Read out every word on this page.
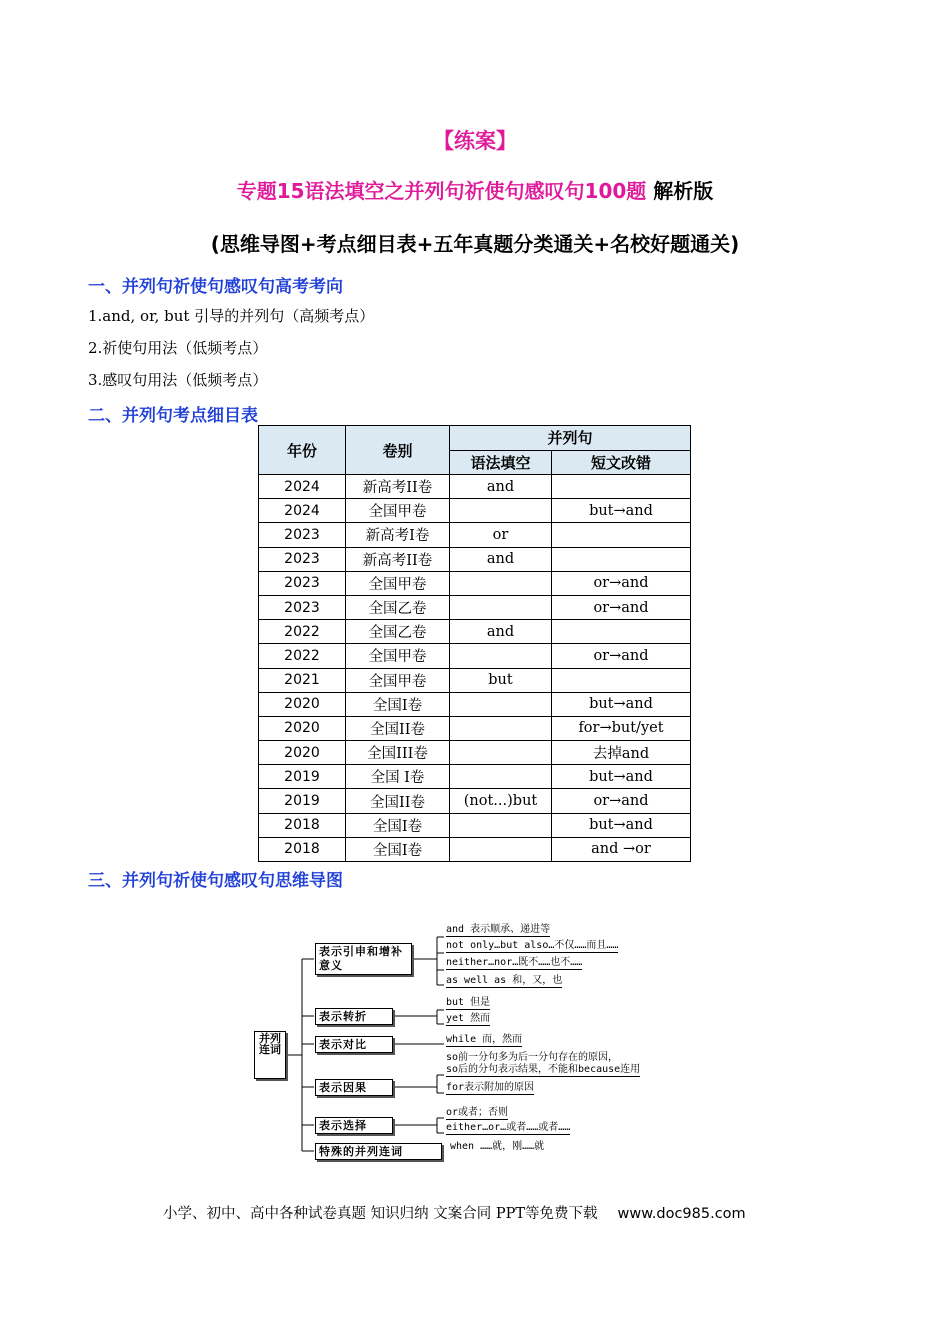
【练案】
专题15语法填空之并列句祈使句感叹句100题 解析版
(思维导图+考点细目表+五年真题分类通关+名校好题通关)
一、并列句祈使句感叹句高考考向
1.and, or, but 引导的并列句（高频考点）
2.祈使句用法（低频考点）
3.感叹句用法（低频考点）
二、并列句考点细目表
年份	卷别	并列句	
		语法填空	短文改错
2024	新高考II卷	and	
2024	全国甲卷		but→and
2023	新高考I卷	or	
2023	新高考II卷	and	
2023	全国甲卷		or→and
2023	全国乙卷		or→and
2022	全国乙卷	and	
2022	全国甲卷		or→and
2021	全国甲卷	but	
2020	全国I卷		but→and
2020	全国II卷		for→but/yet
2020	全国III卷		去掉and
2019	全国 I卷		but→and
2019	全国II卷	(not...)but	or→and
2018	全国I卷		but→and
2018	全国I卷		and →or
三、并列句祈使句感叹句思维导图
并列连词
表示引申和增补意义
表示转折
表示对比
表示因果
表示选择
特殊的并列连词
and 表示顺承、递进等
not only…but also…不仅……而且……
neither…nor…既不……也不……
as well as 和，又，也
but 但是
yet 然而
while 而，然而
so前一分句多为后一分句存在的原因，
so后的分句表示结果，不能和because连用
for表示附加的原因
or或者；否则
either…or…或者……或者……
when ……就，刚……就
小学、初中、高中各种试卷真题 知识归纳 文案合同 PPT等免费下载 www.doc985.com
